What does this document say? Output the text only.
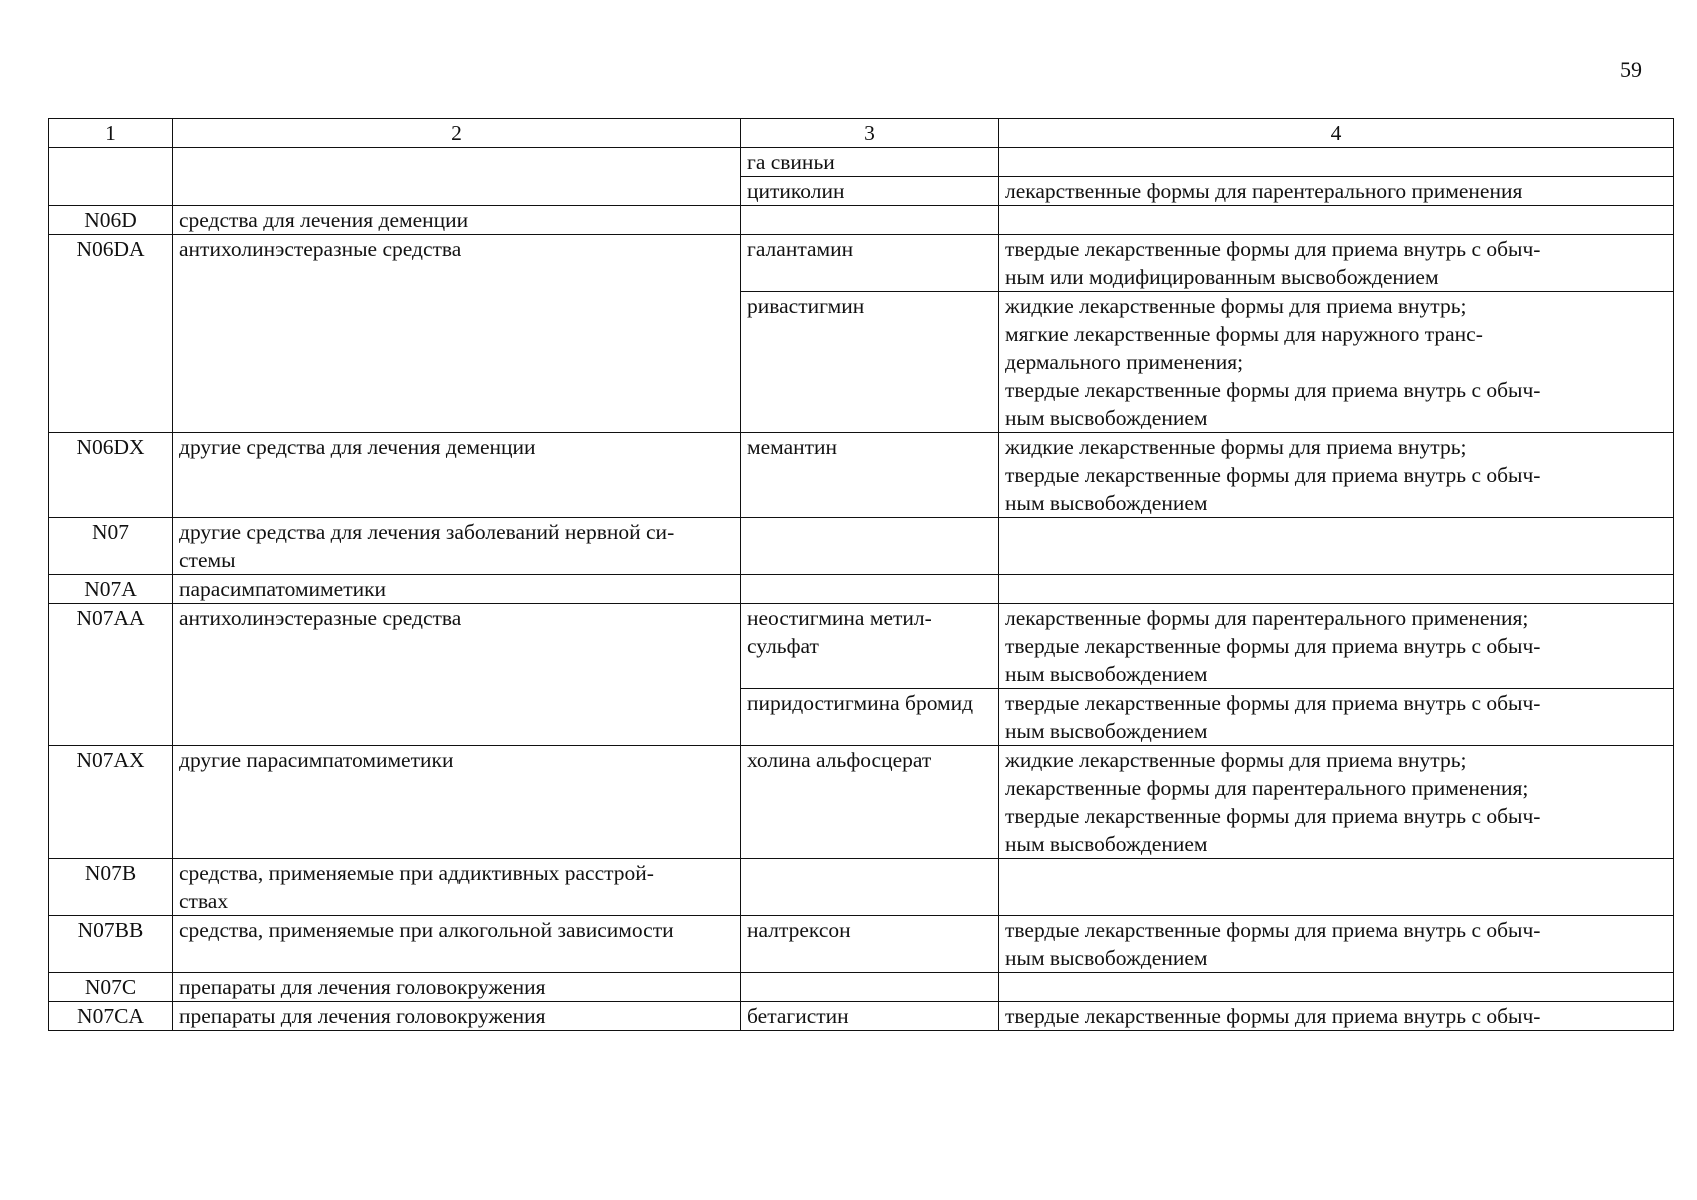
59
1	2	3	4
		га свиньи	
		цитиколин	лекарственные формы для парентерального применения
N06D	средства для лечения деменции		
N06DA	антихолинэстеразные средства	галантамин	твердые лекарственные формы для приема внутрь с обыч-
ным или модифицированным высвобождением
		ривастигмин	жидкие лекарственные формы для приема внутрь;
мягкие лекарственные формы для наружного транс-
дермального применения;
твердые лекарственные формы для приема внутрь с обыч-
ным высвобождением
N06DX	другие средства для лечения деменции	мемантин	жидкие лекарственные формы для приема внутрь;
твердые лекарственные формы для приема внутрь с обыч-
ным высвобождением
N07	другие средства для лечения заболеваний нервной си-
стемы		
N07A	парасимпатомиметики		
N07AA	антихолинэстеразные средства	неостигмина метил-
сульфат	лекарственные формы для парентерального применения;
твердые лекарственные формы для приема внутрь с обыч-
ным высвобождением
		пиридостигмина бромид	твердые лекарственные формы для приема внутрь с обыч-
ным высвобождением
N07AX	другие парасимпатомиметики	холина альфосцерат	жидкие лекарственные формы для приема внутрь;
лекарственные формы для парентерального применения;
твердые лекарственные формы для приема внутрь с обыч-
ным высвобождением
N07B	средства, применяемые при аддиктивных расстрой-
ствах		
N07BB	средства, применяемые при алкогольной зависимости	налтрексон	твердые лекарственные формы для приема внутрь с обыч-
ным высвобождением
N07C	препараты для лечения головокружения		
N07CA	препараты для лечения головокружения	бетагистин	твердые лекарственные формы для приема внутрь с обыч-
